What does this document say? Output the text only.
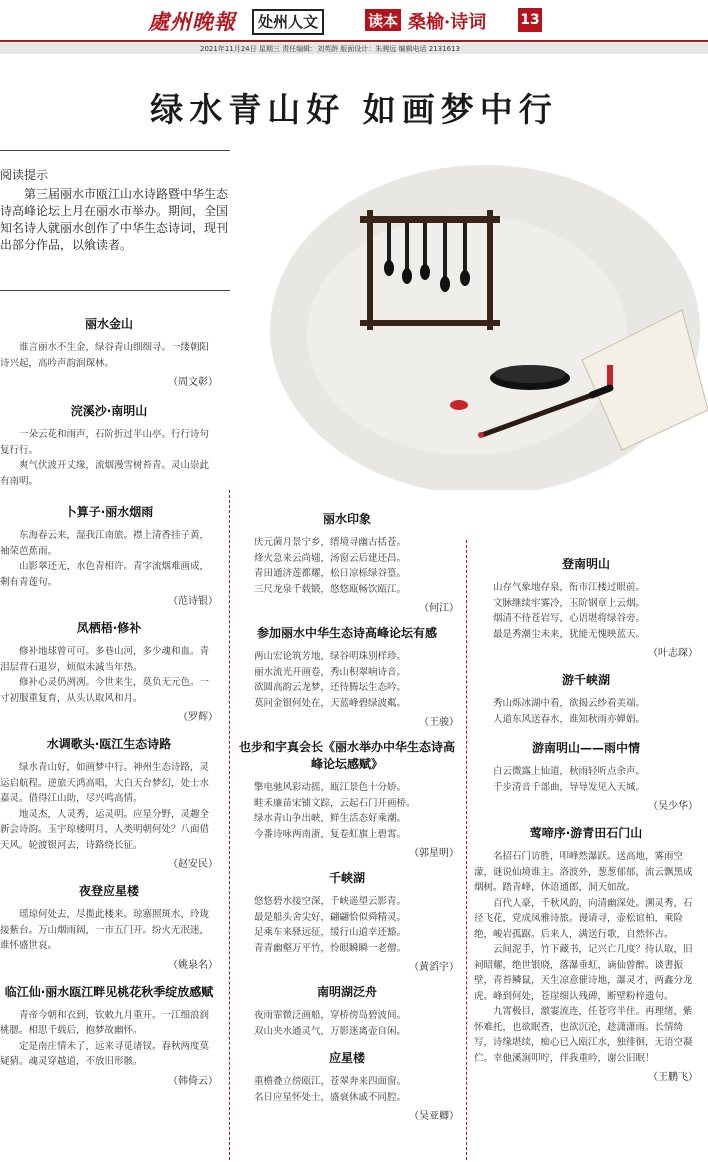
處州晚報	处州人文	读本 桑榆·诗词 13
2021年11月24日 星期三 责任编辑：刘英龄 版面设计：朱骋远 编辑电话 2131613
绿水青山好 如画梦中行
阅读提示
第三届丽水市瓯江山水诗路暨中华生态诗高峰论坛上月在丽水市举办。期间，全国知名诗人就丽水创作了中华生态诗词，现刊出部分作品，以飨读者。
丽水金山

谁言丽水不生金，绿谷青山细细寻。一缕朝阳诗兴起，高吟声韵润琛林。

（周文彰）
浣溪沙·南明山

一朵云花和雨声，石阶折过半山亭。行行诗句复行行。

爽气伏波开丈缘，流烟漫雪树苔青。灵山崇此有南明。

卜算子·丽水烟雨

东海春云来，湿我江南旅。襟上清香挂子黄，袖荣芭蕉雨。

山影翠还无，水色青相许。青字流烟难画成，剩有青莲句。

（范诗银）
凤栖梧·修补

修补地球曾可可。多巷山河，多少魂和血。青泪层背石退岁，烦似未减当年热。

修补心灵仍冽冽。今世来生，莫负无元色。一寸初服重复育，从头认取风和月。

（罗辉）
水调歌头·瓯江生态诗路

绿水青山好，如画梦中行。神州生态诗路，灵运启航程。逆旅天鸿高唱，大白天台梦幻，处士水嘉灵。借得江山助，尽兴鸣高情。

地灵杰，人灵秀，运灵明。应星分野，灵趣全新会诗韵。玉宇琼楼明月，人类明朝何处？八面借天风。轮渡银河去，诗路绕长征。

（赵安民）
夜登应星楼

瑶琼何处去，尽揽此楼来。琼寨照斑水，玲珑接紫台。万山烟雨阔，一市五门开。纷火无泯迷，谁怀盛世哀。

（姚泉名）
临江仙·丽水瓯江畔见桃花秋季绽放感赋

青帝今朝和衣到，钦敕九月重开。一江细浪润桃腮。相思千载后，抱梦故幽怀。

定是南庄情未了，远来寻觅诸钗。春秋两度莫疑猜。魂灵穿越道，不放旧形骸。

（韩倚云）
丽水印象

庆元菌月景宁乡，缙境寻幽古括苍。

烽火急来云尚媸，汤窗云后建还昌。

青田通济莲都耀，松日凉栎绿谷篁。

三尺龙泉千载锻，悠悠瓯畅饮瓯江。

（何江）
参加丽水中华生态诗高峰论坛有感

两山宏论筑芳地，绿谷明珠别样珍。

丽水流光开画卷，秀山积翠响诗音。

欲圆高韵云龙梦，还待腾坛生态吟。

莫问金银何处在，天蓝峰碧绿波粼。

（王骏）
也步和宇真会长《丽水举办中华生态诗高峰论坛感赋》

擎电驰风彩动摇，瓯江景色十分娇。

畦禾廉苗宋铺文踪，云起石门开画桥。

绿水青山争出峡，鲜生活态好乘潮。

今番诗咏两南浙，复卷虹旗上碧霄。

（郭星明）
千峡湖

悠悠碧水接空深，千峡遥望云影青。

最是船头舍尖好，翩翩恰似舜精灵。

足乘车来驿远征，缓行山道幸还豁。

青青幽壑万平竹，怜眼瞬瞬一老僧。

（黄滔宇）
南明湖泛舟

夜雨霏微泛画船，穿桥傍岛碧波间。

双山夹水通灵气，万影迷离壶自闲。

应星楼

重檐叠立傍瓯江，苍翠奔来四面窗。

名日应星怀处士，盛衰休戚不同腔。

（吴亚卿）
登南明山

山存气象地存泉，衔市江楼过眼前。

文脉继续牢雾冷，玉阶钢章上云烟。

烟清不待苍岩写，心语堪将绿谷旁。

最是秀潮尘未来，犹能无愧映蓝天。

（叶志琛）
游千峡湖

秀山烁冰湖中看，欲揭云纱看美端。

人道东风送春水，谁知秋雨亦婵娟。

游南明山——雨中情

白云微露上仙道，秋雨轻听点余声。

千步清音千部曲，导导发见入天城。

（吴少华）
莺啼序·游青田石门山

名招石门访胜，叩峰然瀑跃。送高地，雾雨空濛，谜说仙境谁主。洛波外，葱葱郁郁，流云飘黑成烟树。踏青峰，休语通郎，洞天如故。

百代人豪，千秋风韵，向清幽深处。溯灵秀，石径飞花，党成凤雅诗旅。谩请寻，壶松谊柏，乘险绝，峻岩孤踞。后来人，满送行歌，自然怀古。

云间泥手，竹下藏书，记兴亡几度？待认取，旧祠昭耀，绝世银晓，落瀑垂虹，谪仙曾醉。谈書振壁，青苔鳞鼠，天生凉意催诗地，瀑灵才，两鑫分龙虎。峰到何处，苍崖细认残碑，断壁粉梓遗句。

九霄极目，激霎流连，任苍穹半住。再理绪，紫怀难托，也欲眠香，也欲沉沦，趁潇潇雨。长情绮写，诗缘堪续，痴心已入瓯江水，独徘徊，无语空凝伫。幸他溪涧叩咛，伴我重吟，谢公旧眠！

（王鹏飞）
